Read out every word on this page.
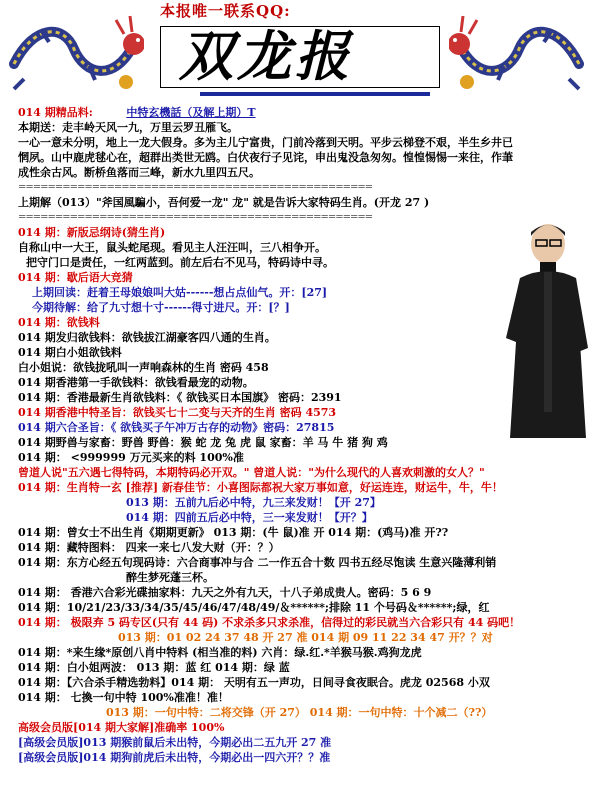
本报唯一联系QQ:
双龙报
014 期精品料:	中特玄機話（及解上期）T
本期送：走丰岭天风一九，万里云罗丑雁飞。
一心一意未分明，地上一龙大假身。多为主儿宁富贵，门前冷落到天明。平步云梯登不艰，半生乡井已
惘夙。山中鹿虎毬心在，超群出类世无鸥。白伏夜行子见诧，申出鬼没急匆匆。惶惶惕惕一来往，作茟
成性余古风。断桥鱼落而三峰，新水九里四五尺。
================================================
上期解（013）"斧国風騙小，吾何爱一龙" 龙" 就是告诉大家特码生肖。(开龙 27 )
================================================
014 期：新版忌纲诗(猜生肖)
自称山中一大王，鼠头蛇尾现。看见主人汪汪叫，三八相争开。
把守门口是责任，一红两蓝到。前左后右不见马，特码诗中寻。
014 期：歇后语大竞猜
上期回读：赶着王母娘娘叫大姑------想占点仙气。开：[27]
今期待解：给了九寸想十寸------得寸进尺。开：[？]
014 期：欲钱料
014 期发归欲钱料：欲钱拔江湖豪客四八通的生肖。
014 期白小姐欲钱料
白小姐说：欲钱拢吼叫一声响森林的生肖 密码 458
014 期香港第一手欲钱料：欲钱看最宠的动物。
014 期：香港最新生肖欲钱料：《 欲钱买日本国旗》 密码：2391
014 期香港中特圣旨：欲钱买七十二变与天齐的生肖 密码 4573
014 期六合圣旨：《 欲钱买子午冲万古存的动物》密码：27815
014 期野兽与家畜：野兽 野兽：猴 蛇 龙 兔 虎 鼠 家畜：羊 马 牛 猪 狗 鸡
014 期： <999999 万元买来的料 100%准
曾道人说"五六遇七得特码，本期特码必开双。" 曾道人说："为什么现代的人喜欢刺激的女人？"
014 期：生肖特一玄 [推荐] 新春佳节：小喜图际都祝大家万事如意，好运连连，财运牛，牛，牛！
013 期：五前九后必中特，九三来发财！【开 27】
014 期：四前五后必中特，三一来发财！【开？】
014 期：曾女士不出生肖《期期更新》 013 期：(牛 鼠)准 开 014 期：(鸡马)准 开??
014 期：藏特图料： 四来一来七八发大财（开：？）
014 期：东方心经五句现码诗：六合商事冲与合 二一作五合十数 四书五经尽饱读 生意兴隆薄利销
醉生梦死蓬三杯。
014 期： 香港六合彩光碟抽家料：九天之外有九天，十八子弟成贵人。密码：5 6 9
014 期：10/21/23/33/34/35/45/46/47/48/49/＆******;排除 11 个号码＆******;绿，红
014 期： 极限弃 5 码专区(只有 44 码) 不求杀多只求杀准，信得过的彩民就当六合彩只有 44 码吧！
013 期：01 02 24 37 48 开 27 准 014 期 09 11 22 34 47 开？？对
014 期：*来生缘*原创八肖中特料 (相当准的料) 六肖：绿.红.*羊猴马猴.鸡狗龙虎
014 期：白小姐两波： 013 期：蓝 红 014 期：绿 蓝
014 期：【六合杀手精选勃料】014 期： 天明有五一声功，日间寻食夜眠合。虎龙 02568 小双
014 期： 七換一句中特 100%准准！准！
013 期：一句中特：二将交锋（开 27） 014 期：一句中特：十个减二（??）
高级会员版[014 期大家解]准确率 100%
[高级会员版]013 期猴前鼠后未出特，今期必出二五九开 27 准
[高级会员版]014 期狗前虎后未出特，今期必出一四六开？？准
